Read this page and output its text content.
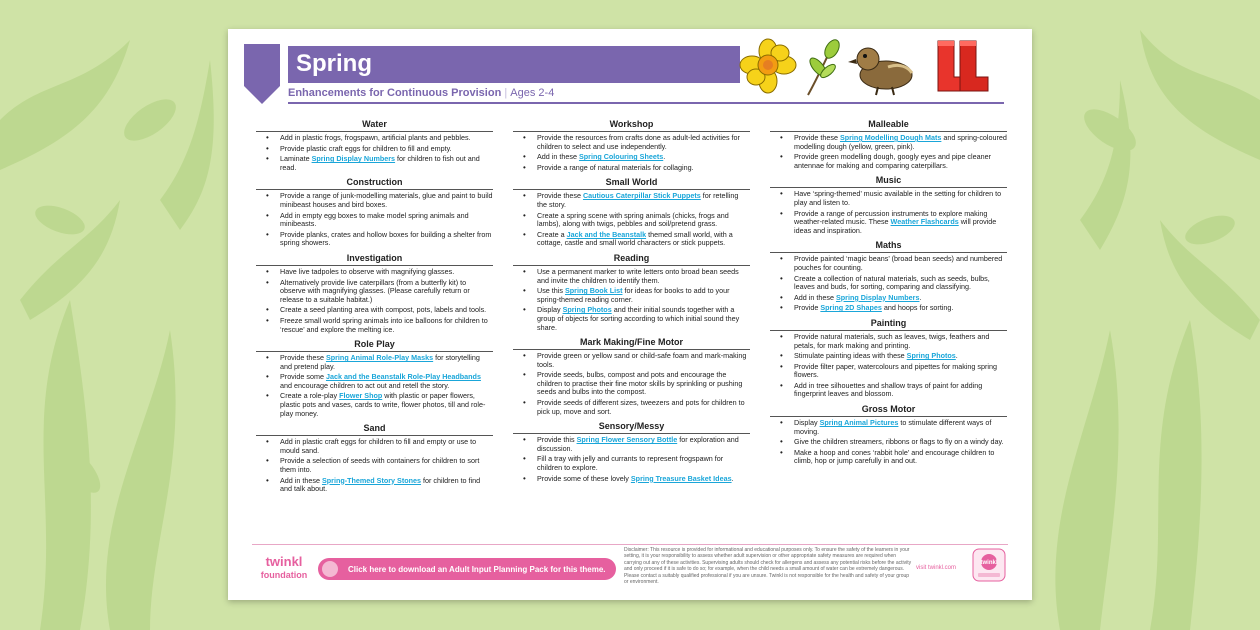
Spring
Enhancements for Continuous Provision | Ages 2-4
Water
• Add in plastic frogs, frogspawn, artificial plants and pebbles.
• Provide plastic craft eggs for children to fill and empty.
• Laminate Spring Display Numbers for children to fish out and read.
Construction
• Provide a range of junk-modelling materials, glue and paint to build minibeast houses and bird boxes.
• Add in empty egg boxes to make model spring animals and minibeasts.
• Provide planks, crates and hollow boxes for building a shelter from spring showers.
Investigation
• Have live tadpoles to observe with magnifying glasses.
• Alternatively provide live caterpillars (from a butterfly kit) to observe with magnifying glasses. (Please carefully return or release to a suitable habitat.)
• Create a seed planting area with compost, pots, labels and tools.
• Freeze small world spring animals into ice balloons for children to ‘rescue’ and explore the melting ice.
Role Play
• Provide these Spring Animal Role-Play Masks for storytelling and pretend play.
• Provide some Jack and the Beanstalk Role-Play Headbands and encourage children to act out and retell the story.
• Create a role-play Flower Shop with plastic or paper flowers, plastic pots and vases, cards to write, flower photos, till and role-play money.
Sand
• Add in plastic craft eggs for children to fill and empty or use to mould sand.
• Provide a selection of seeds with containers for children to sort them into.
• Add in these Spring-Themed Story Stones for children to find and talk about.
Workshop
• Provide the resources from crafts done as adult-led activities for children to select and use independently.
• Add in these Spring Colouring Sheets.
• Provide a range of natural materials for collaging.
Small World
• Provide these Cautious Caterpillar Stick Puppets for retelling the story.
• Create a spring scene with spring animals (chicks, frogs and lambs), along with twigs, pebbles and soil/pretend grass.
• Create a Jack and the Beanstalk themed small world, with a cottage, castle and small world characters or stick puppets.
Reading
• Use a permanent marker to write letters onto broad bean seeds and invite the children to identify them.
• Use this Spring Book List for ideas for books to add to your spring-themed reading corner.
• Display Spring Photos and their initial sounds together with a group of objects for sorting according to which initial sound they share.
Mark Making/Fine Motor
• Provide green or yellow sand or child-safe foam and mark-making tools.
• Provide seeds, bulbs, compost and pots and encourage the children to practise their fine motor skills by sprinkling or pushing seeds and bulbs into the compost.
• Provide seeds of different sizes, tweezers and pots for children to pick up, move and sort.
Sensory/Messy
• Provide this Spring Flower Sensory Bottle for exploration and discussion.
• Fill a tray with jelly and currants to represent frogspawn for children to explore.
• Provide some of these lovely Spring Treasure Basket Ideas.
Malleable
• Provide these Spring Modelling Dough Mats and spring-coloured modelling dough (yellow, green, pink).
• Provide green modelling dough, googly eyes and pipe cleaner antennae for making and comparing caterpillars.
Music
• Have ‘spring-themed’ music available in the setting for children to play and listen to.
• Provide a range of percussion instruments to explore making weather-related music. These Weather Flashcards will provide ideas and inspiration.
Maths
• Provide painted ‘magic beans’ (broad bean seeds) and numbered pouches for counting.
• Create a collection of natural materials, such as seeds, bulbs, leaves and buds, for sorting, comparing and classifying.
• Add in these Spring Display Numbers.
• Provide Spring 2D Shapes and hoops for sorting.
Painting
• Provide natural materials, such as leaves, twigs, feathers and petals, for mark making and printing.
• Stimulate painting ideas with these Spring Photos.
• Provide filter paper, watercolours and pipettes for making spring flowers.
• Add in tree silhouettes and shallow trays of paint for adding fingerprint leaves and blossom.
Gross Motor
• Display Spring Animal Pictures to stimulate different ways of moving.
• Give the children streamers, ribbons or flags to fly on a windy day.
• Make a hoop and cones ‘rabbit hole’ and encourage children to climb, hop or jump carefully in and out.
twinkl
foundation
Click here to download an Adult Input Planning Pack for this theme.
Disclaimer: This resource is provided for informational and educational purposes only. To ensure the safety of the learners in your setting, it is your responsibility to assess whether adult supervision or other appropriate safety measures are required when carrying out any of these activities. Supervising adults should check for allergens and assess any potential risks before the activity and only proceed if it is safe to do so; for example, when the child needs a small amount of water can be extremely dangerous. Please contact a suitably qualified professional if you are unsure. Twinkl is not responsible for the health and safety of your group or environment.
visit twinkl.com
twinkl
